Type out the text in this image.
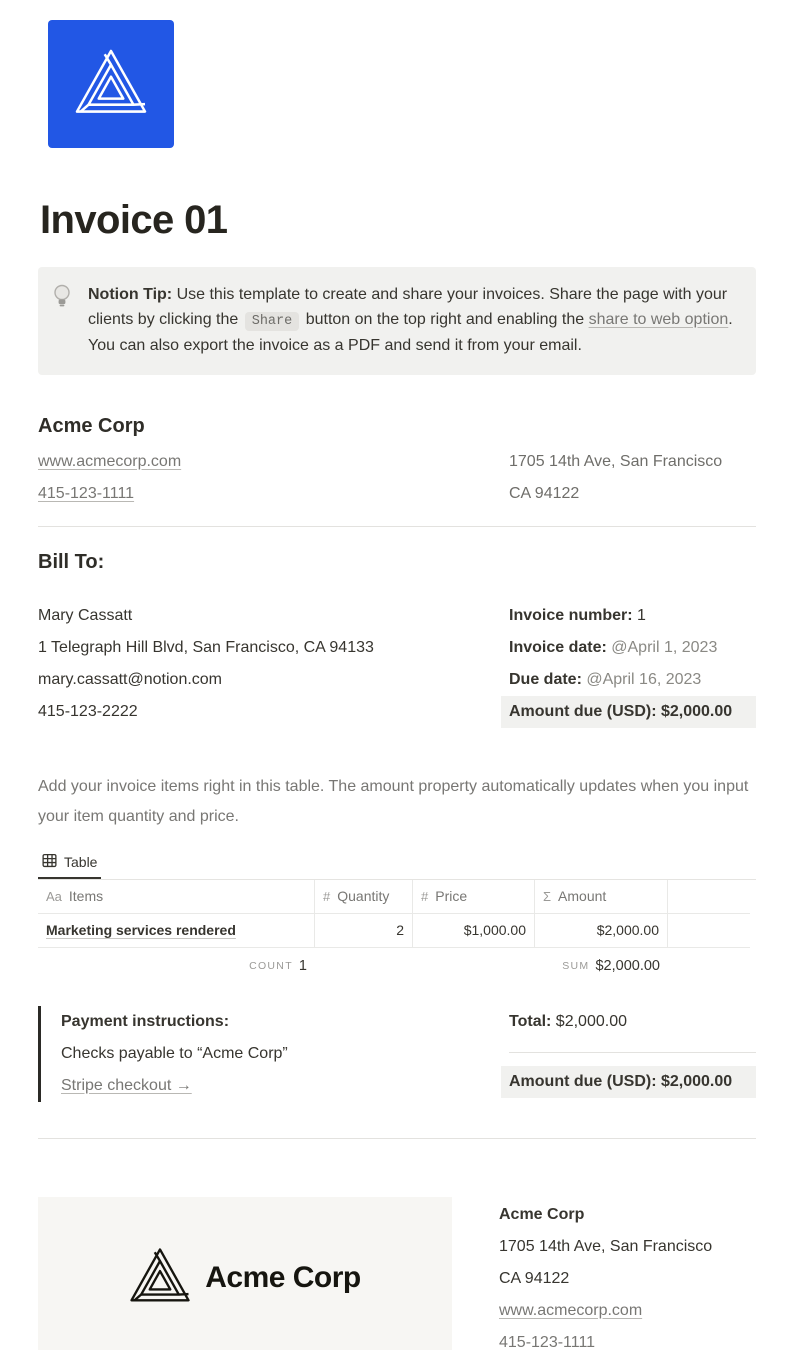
Invoice 01
Notion Tip: Use this template to create and share your invoices. Share the page with your clients by clicking the Share button on the top right and enabling the share to web option. You can also export the invoice as a PDF and send it from your email.
Acme Corp
www.acmecorp.com
415-123-1111
1705 14th Ave, San Francisco
CA 94122
Bill To:
Mary Cassatt
1 Telegraph Hill Blvd, San Francisco, CA 94133
mary.cassatt@notion.com
415-123-2222
Invoice number: 1
Invoice date: @April 1, 2023
Due date: @April 16, 2023
Amount due (USD): $2,000.00
Add your invoice items right in this table. The amount property automatically updates when you input your item quantity and price.
Table
Aa Items	# Quantity # Price	Σ Amount
Marketing services rendered	2	$1,000.00	$2,000.00
COUNT 1	SUM $2,000.00
Payment instructions:
Checks payable to “Acme Corp”
Stripe checkout →
Total: $2,000.00
Amount due (USD): $2,000.00
Acme Corp
Acme Corp
1705 14th Ave, San Francisco
CA 94122
www.acmecorp.com
415-123-1111
